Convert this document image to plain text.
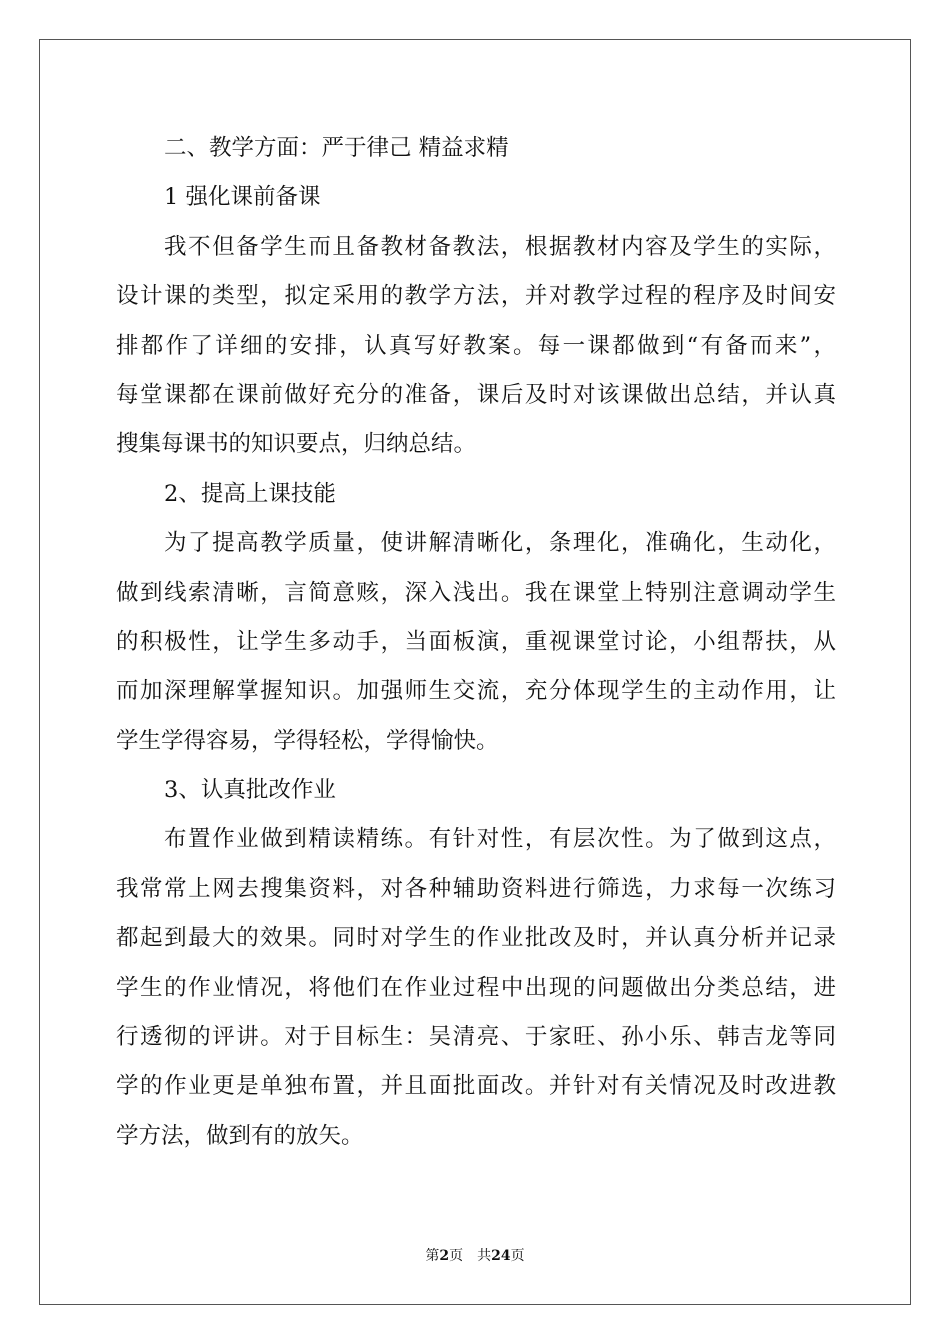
二、教学方面：严于律己 精益求精
1 强化课前备课
我不但备学生而且备教材备教法，根据教材内容及学生的实际，
设计课的类型，拟定采用的教学方法，并对教学过程的程序及时间安
排都作了详细的安排，认真写好教案。每一课都做到“有备而来”，
每堂课都在课前做好充分的准备，课后及时对该课做出总结，并认真
搜集每课书的知识要点，归纳总结。
2、提高上课技能
为了提高教学质量，使讲解清晰化，条理化，准确化，生动化，
做到线索清晰，言简意赅，深入浅出。我在课堂上特别注意调动学生
的积极性，让学生多动手，当面板演，重视课堂讨论，小组帮扶，从
而加深理解掌握知识。加强师生交流，充分体现学生的主动作用，让
学生学得容易，学得轻松，学得愉快。
3、认真批改作业
布置作业做到精读精练。有针对性，有层次性。为了做到这点，
我常常上网去搜集资料，对各种辅助资料进行筛选，力求每一次练习
都起到最大的效果。同时对学生的作业批改及时，并认真分析并记录
学生的作业情况，将他们在作业过程中出现的问题做出分类总结，进
行透彻的评讲。对于目标生：吴清亮、于家旺、孙小乐、韩吉龙等同
学的作业更是单独布置，并且面批面改。并针对有关情况及时改进教
学方法，做到有的放矢。
第2页 共24页
